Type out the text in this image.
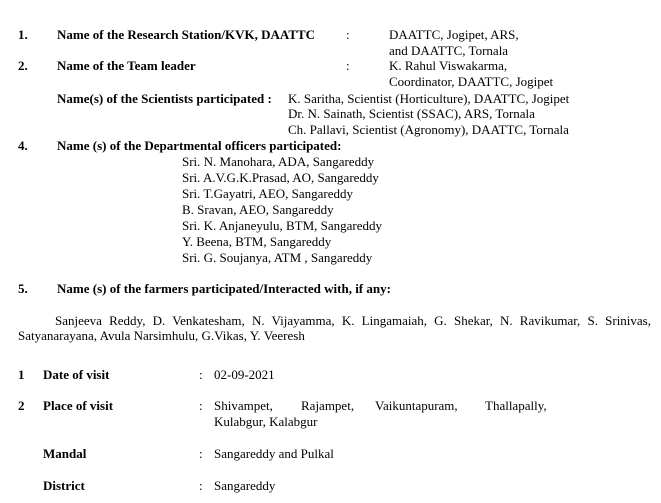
1. Name of the Research Station/KVK, DAATTC :	DAATTC, Jogipet, ARS,
and DAATTC, Tornala
2. Name of the Team leader	:	K. Rahul Viswakarma,
Coordinator, DAATTC, Jogipet
Name(s) of the Scientists participated : K. Saritha, Scientist (Horticulture), DAATTC, Jogipet
Dr. N. Sainath, Scientist (SSAC), ARS, Tornala
Ch. Pallavi, Scientist (Agronomy), DAATTC, Tornala
4. Name (s) of the Departmental officers participated:
Sri. N. Manohara, ADA, Sangareddy
Sri. A.V.G.K.Prasad, AO, Sangareddy
Sri. T.Gayatri, AEO, Sangareddy
B. Sravan, AEO, Sangareddy
Sri. K. Anjaneyulu, BTM, Sangareddy
Y. Beena, BTM, Sangareddy
Sri. G. Soujanya, ATM , Sangareddy
5. Name (s) of the farmers participated/Interacted with, if any:
Sanjeeva Reddy, D. Venkatesham, N. Vijayamma, K. Lingamaiah, G. Shekar, N. Ravikumar, S. Srinivas,
Satyanarayana, Avula Narsimhulu, G.Vikas, Y. Veeresh
1 Date of visit	: 02-09-2021
2 Place of visit	: Shivampet, Rajampet, Vaikuntapuram, Thallapally,
Kulabgur, Kalabgur
Mandal	: Sangareddy and Pulkal
District	: Sangareddy
